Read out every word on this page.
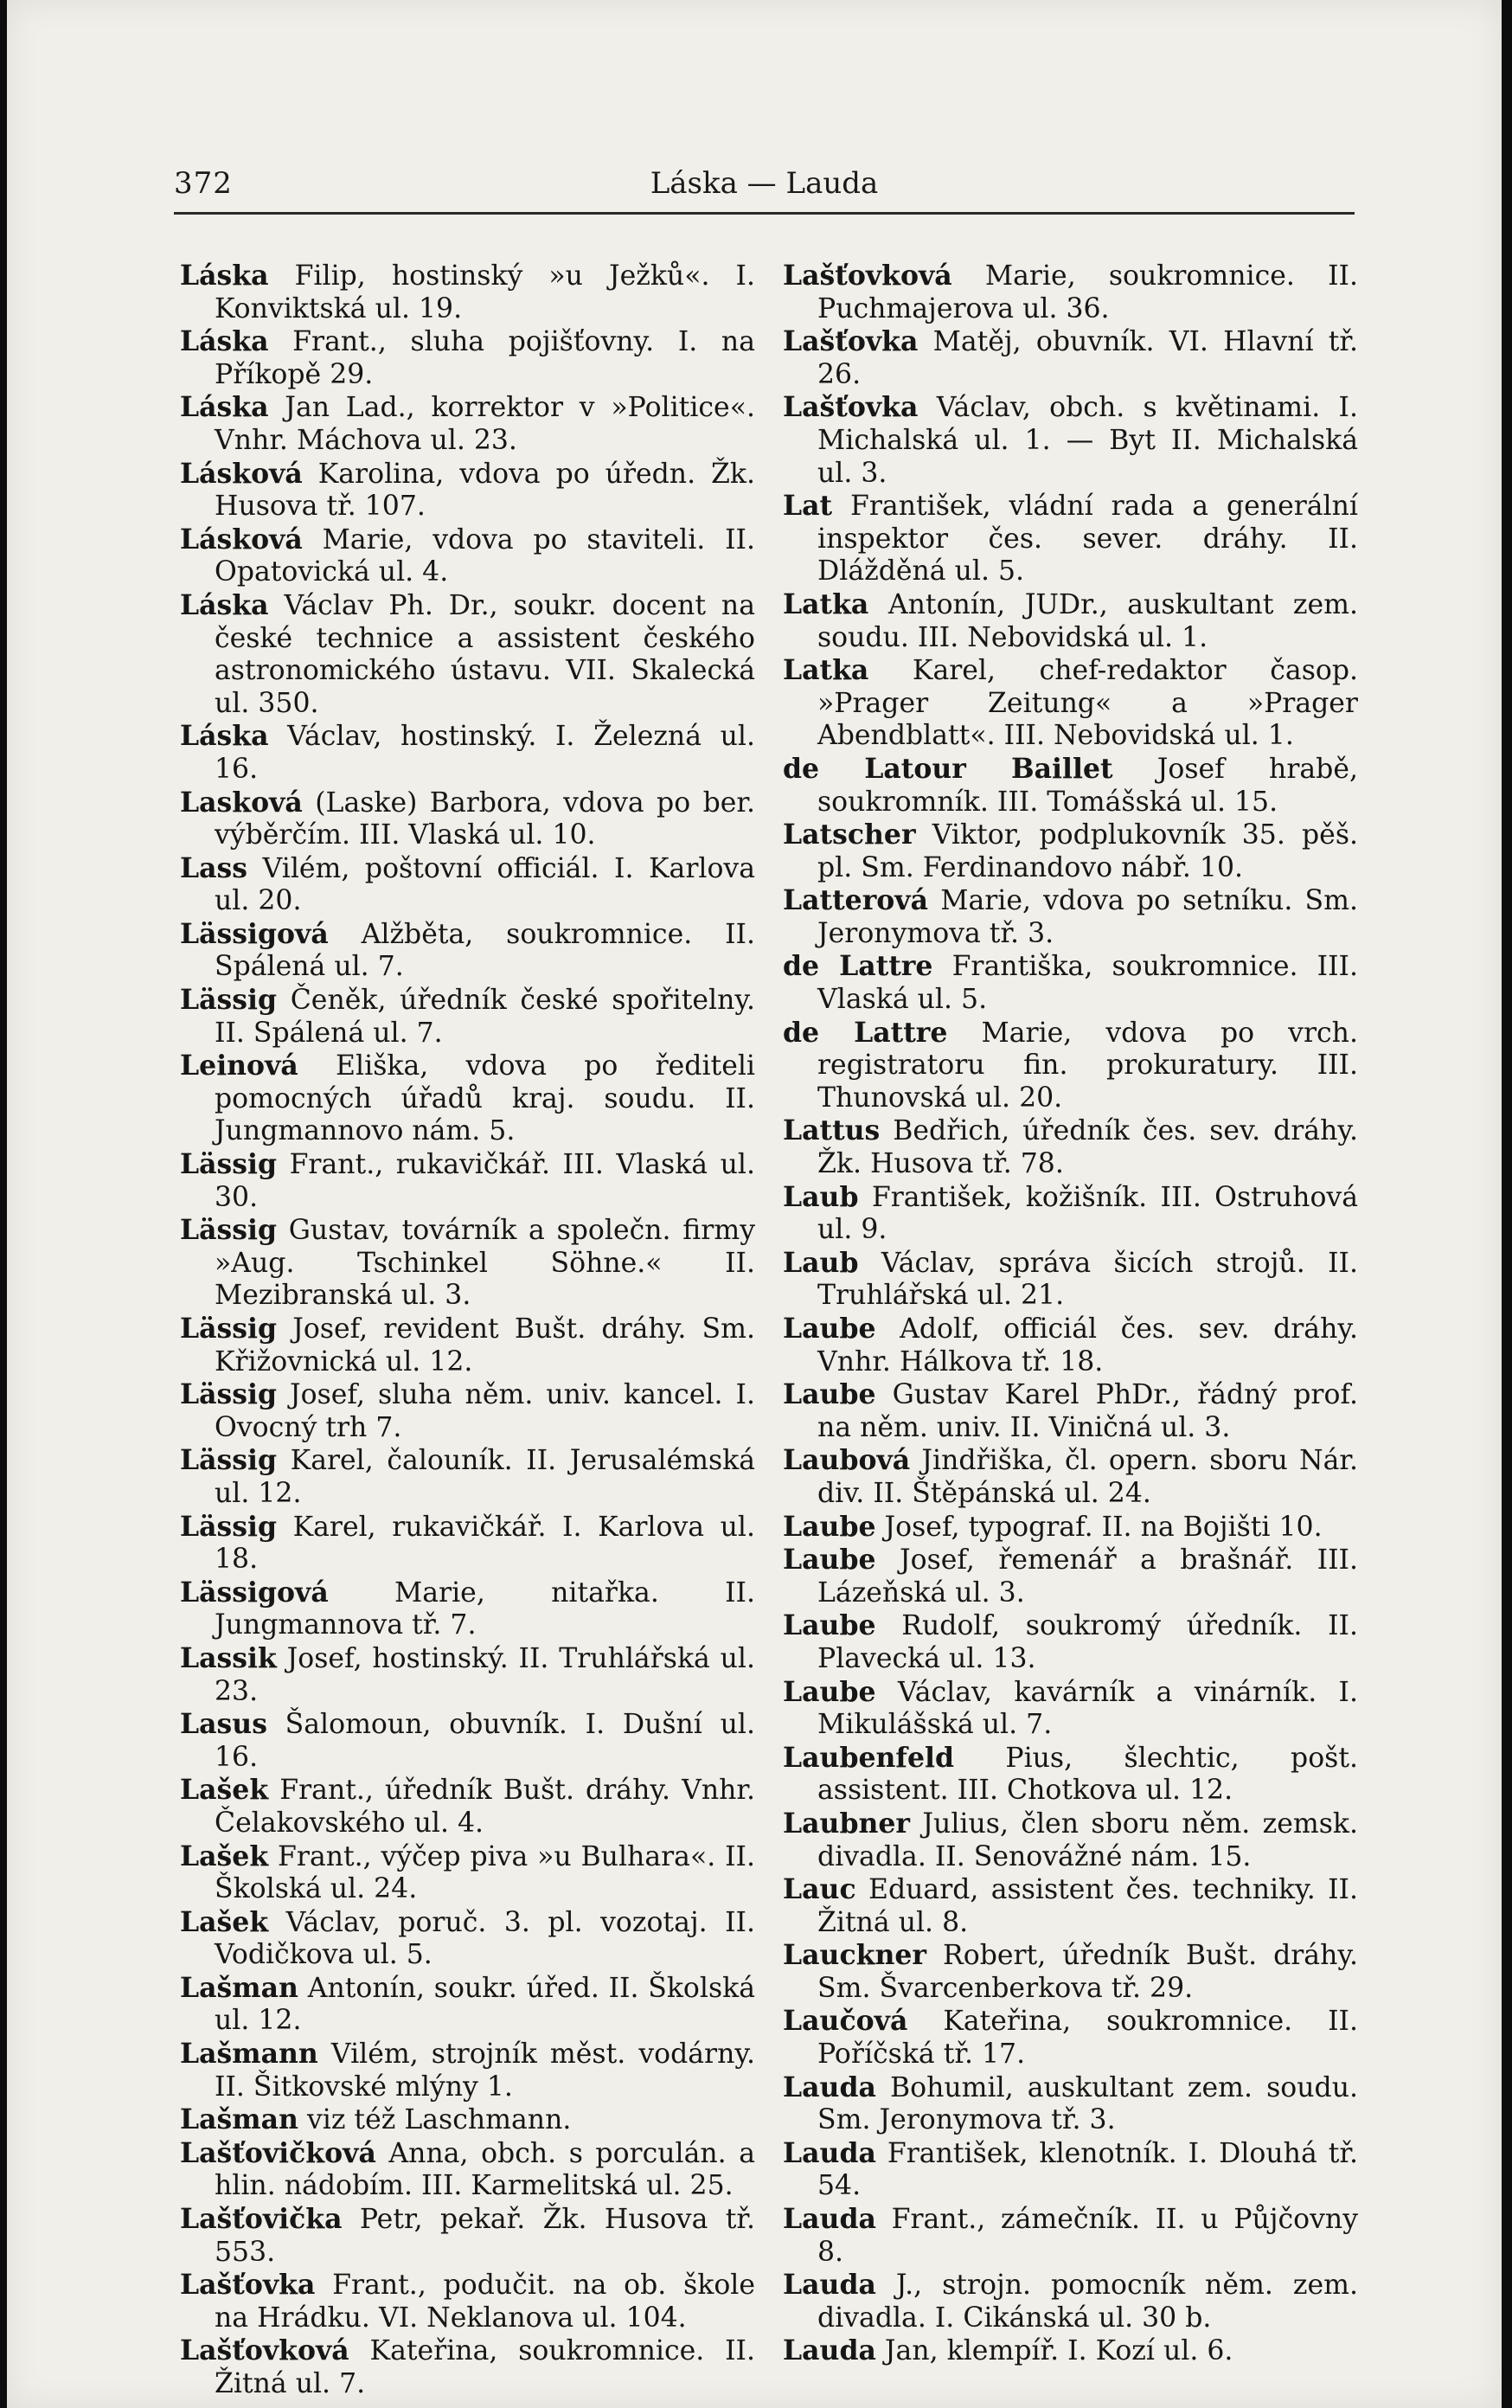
372	Láska — Lauda
Láska Filip, hostinský »u Ježků«. I. Konviktská ul. 19.
Láska Frant., sluha pojišťovny. I. na Příkopě 29.
Láska Jan Lad., korrektor v »Politice«. Vnhr. Máchova ul. 23.
Lásková Karolina, vdova po úředn. Žk. Husova tř. 107.
Lásková Marie, vdova po staviteli. II. Opatovická ul. 4.
Láska Václav Ph. Dr., soukr. docent na české technice a assistent českého astronomického ústavu. VII. Skalecká ul. 350.
Láska Václav, hostinský. I. Železná ul. 16.
Lasková (Laske) Barbora, vdova po ber. výběrčím. III. Vlaská ul. 10.
Lass Vilém, poštovní officiál. I. Karlova ul. 20.
Lässigová Alžběta, soukromnice. II. Spálená ul. 7.
Lässig Čeněk, úředník české spořitelny. II. Spálená ul. 7.
Leinová Eliška, vdova po řediteli pomocných úřadů kraj. soudu. II. Jungmannovo nám. 5.
Lässig Frant., rukavičkář. III. Vlaská ul. 30.
Lässig Gustav, továrník a společn. firmy »Aug. Tschinkel Söhne.« II. Mezibranská ul. 3.
Lässig Josef, revident Bušt. dráhy. Sm. Křižovnická ul. 12.
Lässig Josef, sluha něm. univ. kancel. I. Ovocný trh 7.
Lässig Karel, čalouník. II. Jerusalémská ul. 12.
Lässig Karel, rukavičkář. I. Karlova ul. 18.
Lässigová Marie, nitařka. II. Jungmannova tř. 7.
Lassik Josef, hostinský. II. Truhlářská ul. 23.
Lasus Šalomoun, obuvník. I. Dušní ul. 16.
Lašek Frant., úředník Bušt. dráhy. Vnhr. Čelakovského ul. 4.
Lašek Frant., výčep piva »u Bulhara«. II. Školská ul. 24.
Lašek Václav, poruč. 3. pl. vozotaj. II. Vodičkova ul. 5.
Lašman Antonín, soukr. úřed. II. Školská ul. 12.
Lašmann Vilém, strojník měst. vodárny. II. Šitkovské mlýny 1.
Lašman viz též Laschmann.
Lašťovičková Anna, obch. s porculán. a hlin. nádobím. III. Karmelitská ul. 25.
Lašťovička Petr, pekař. Žk. Husova tř. 553.
Lašťovka Frant., podučit. na ob. škole na Hrádku. VI. Neklanova ul. 104.
Lašťovková Kateřina, soukromnice. II. Žitná ul. 7.
Lašťovková Marie, soukromnice. II. Puchmajerova ul. 36.
Lašťovka Matěj, obuvník. VI. Hlavní tř. 26.
Lašťovka Václav, obch. s květinami. I. Michalská ul. 1. — Byt II. Michalská ul. 3.
Lat František, vládní rada a generální inspektor čes. sever. dráhy. II. Dlážděná ul. 5.
Latka Antonín, JUDr., auskultant zem. soudu. III. Nebovidská ul. 1.
Latka Karel, chef-redaktor časop. »Prager Zeitung« a »Prager Abendblatt«. III. Nebovidská ul. 1.
de Latour Baillet Josef hrabě, soukromník. III. Tomášská ul. 15.
Latscher Viktor, podplukovník 35. pěš. pl. Sm. Ferdinandovo nábř. 10.
Latterová Marie, vdova po setníku. Sm. Jeronymova tř. 3.
de Lattre Františka, soukromnice. III. Vlaská ul. 5.
de Lattre Marie, vdova po vrch. registratoru fin. prokuratury. III. Thunovská ul. 20.
Lattus Bedřich, úředník čes. sev. dráhy. Žk. Husova tř. 78.
Laub František, kožišník. III. Ostruhová ul. 9.
Laub Václav, správa šicích strojů. II. Truhlářská ul. 21.
Laube Adolf, officiál čes. sev. dráhy. Vnhr. Hálkova tř. 18.
Laube Gustav Karel PhDr., řádný prof. na něm. univ. II. Viničná ul. 3.
Laubová Jindřiška, čl. opern. sboru Nár. div. II. Štěpánská ul. 24.
Laube Josef, typograf. II. na Bojišti 10.
Laube Josef, řemenář a brašnář. III. Lázeňská ul. 3.
Laube Rudolf, soukromý úředník. II. Plavecká ul. 13.
Laube Václav, kavárník a vinárník. I. Mikulášská ul. 7.
Laubenfeld Pius, šlechtic, pošt. assistent. III. Chotkova ul. 12.
Laubner Julius, člen sboru něm. zemsk. divadla. II. Senovážné nám. 15.
Lauc Eduard, assistent čes. techniky. II. Žitná ul. 8.
Lauckner Robert, úředník Bušt. dráhy. Sm. Švarcenberkova tř. 29.
Laučová Kateřina, soukromnice. II. Poříčská tř. 17.
Lauda Bohumil, auskultant zem. soudu. Sm. Jeronymova tř. 3.
Lauda František, klenotník. I. Dlouhá tř. 54.
Lauda Frant., zámečník. II. u Půjčovny 8.
Lauda J., strojn. pomocník něm. zem. divadla. I. Cikánská ul. 30 b.
Lauda Jan, klempíř. I. Kozí ul. 6.
